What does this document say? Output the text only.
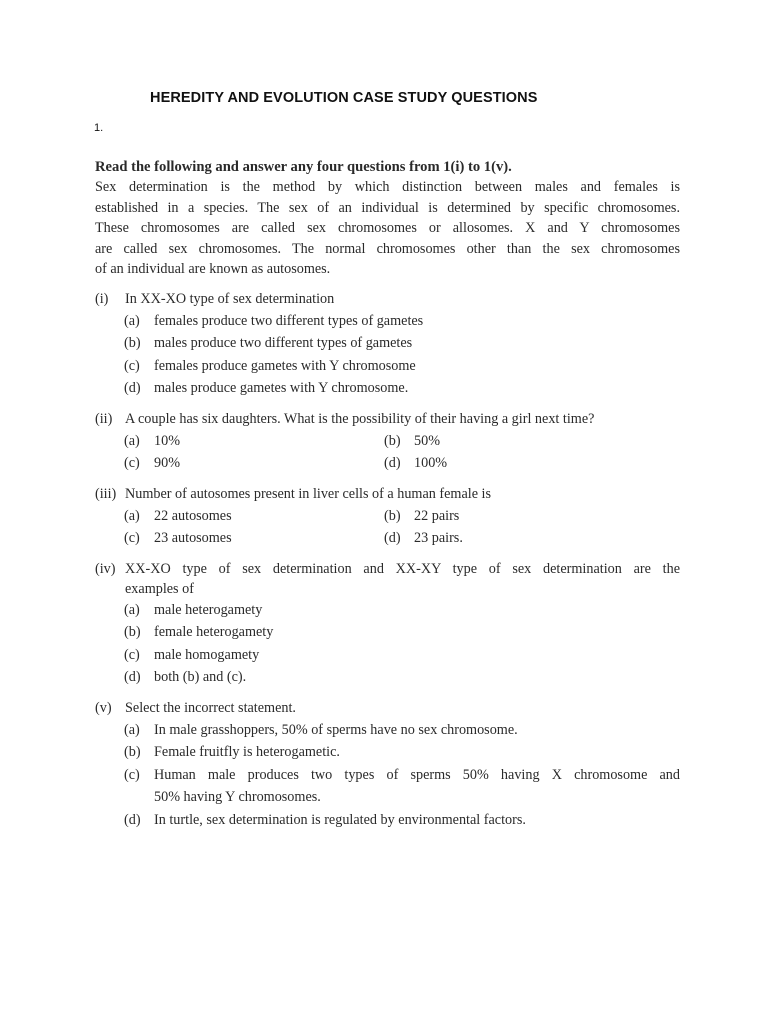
HEREDITY AND EVOLUTION CASE STUDY QUESTIONS
1.
Read the following and answer any four questions from 1(i) to 1(v).
Sex determination is the method by which distinction between males and females is
established in a species. The sex of an individual is determined by specific chromosomes.
These chromosomes are called sex chromosomes or allosomes. X and Y chromosomes
are called sex chromosomes. The normal chromosomes other than the sex chromosomes
of an individual are known as autosomes.
(i) In XX-XO type of sex determination
(a) females produce two different types of gametes
(b) males produce two different types of gametes
(c) females produce gametes with Y chromosome
(d) males produce gametes with Y chromosome.
(ii) A couple has six daughters. What is the possibility of their having a girl next time?
(a) 10%	(b) 50%
(c) 90%	(d) 100%
(iii) Number of autosomes present in liver cells of a human female is
(a) 22 autosomes	(b) 22 pairs
(c) 23 autosomes	(d) 23 pairs.
(iv) XX-XO type of sex determination and XX-XY type of sex determination are the
examples of
(a) male heterogamety
(b) female heterogamety
(c) male homogamety
(d) both (b) and (c).
(v) Select the incorrect statement.
(a) In male grasshoppers, 50% of sperms have no sex chromosome.
(b) Female fruitfly is heterogametic.
(c) Human male produces two types of sperms 50% having X chromosome and
50% having Y chromosomes.
(d) In turtle, sex determination is regulated by environmental factors.
